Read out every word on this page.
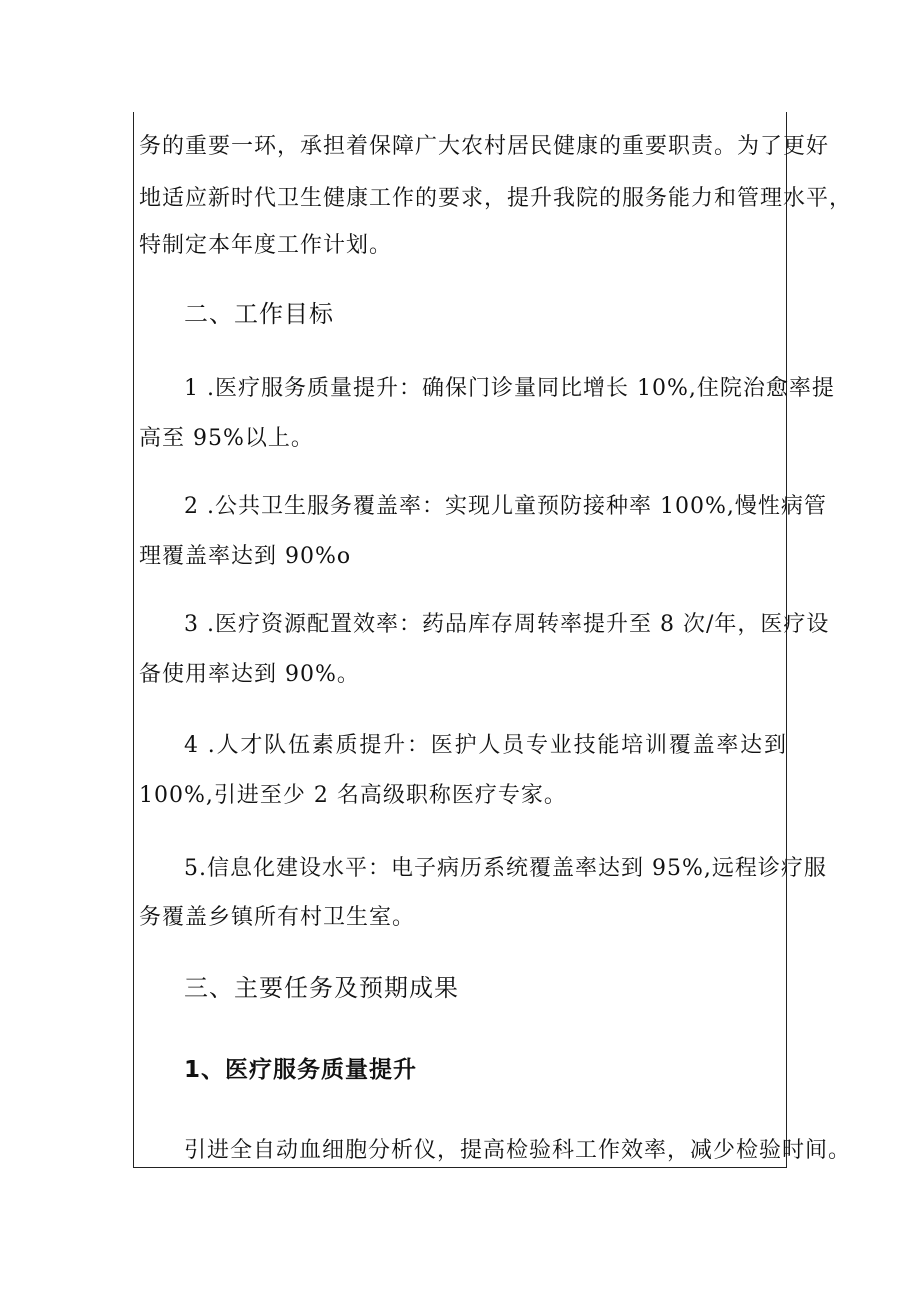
务的重要一环，承担着保障广大农村居民健康的重要职责。为了更好
地适应新时代卫生健康工作的要求，提升我院的服务能力和管理水平，
特制定本年度工作计划。
二、工作目标
1 .医疗服务质量提升：确保门诊量同比增长 10%,住院治愈率提
高至 95%以上。
2 .公共卫生服务覆盖率：实现儿童预防接种率 100%,慢性病管
理覆盖率达到 90%o
3 .医疗资源配置效率：药品库存周转率提升至 8 次/年，医疗设
备使用率达到 90%。
4 .人才队伍素质提升：医护人员专业技能培训覆盖率达到
100%,引进至少 2 名高级职称医疗专家。
5.信息化建设水平：电子病历系统覆盖率达到 95%,远程诊疗服
务覆盖乡镇所有村卫生室。
三、主要任务及预期成果
1、医疗服务质量提升
引进全自动血细胞分析仪，提高检验科工作效率，减少检验时间。
